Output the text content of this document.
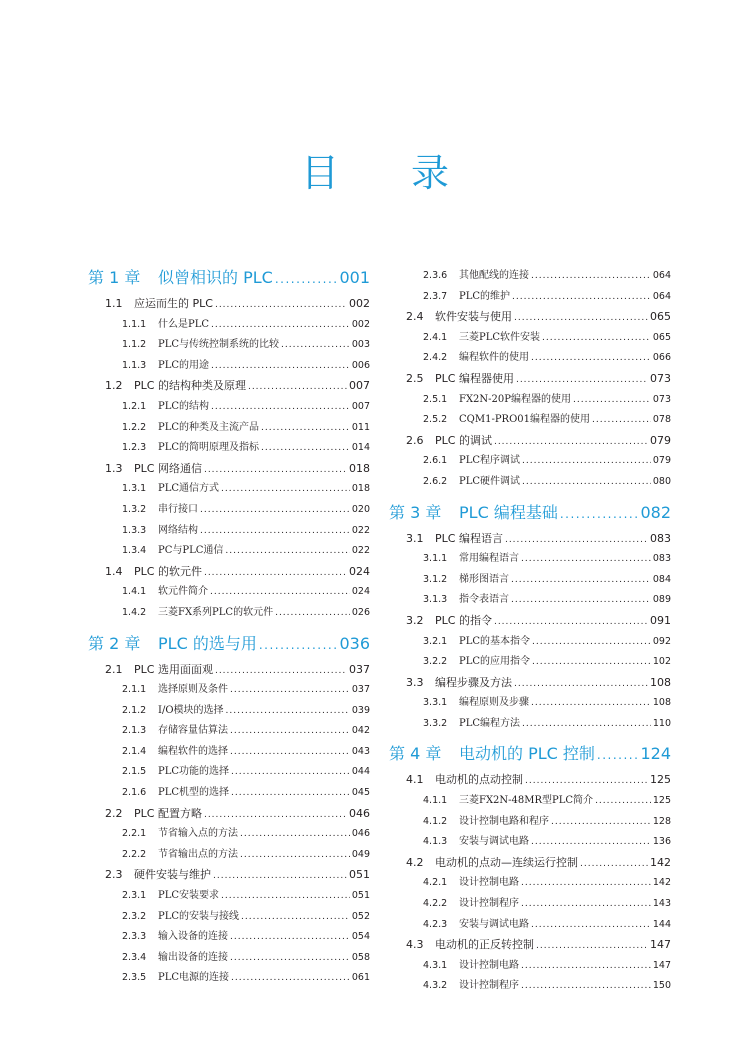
目 录
第 1 章	似曾相识的 PLC .....	001
1.1	应运而生的 PLC .....	002
1.1.1	什么是PLC .....	002
1.1.2	PLC与传统控制系统的比较 .....	003
1.1.3	PLC的用途 .....	006
1.2	PLC 的结构种类及原理 .....	007
1.2.1	PLC的结构 .....	007
1.2.2	PLC的种类及主流产品 .....	011
1.2.3	PLC的简明原理及指标 .....	014
1.3	PLC 网络通信 .....	018
1.3.1	PLC通信方式 .....	018
1.3.2	串行接口 .....	020
1.3.3	网络结构 .....	022
1.3.4	PC与PLC通信 .....	022
1.4	PLC 的软元件 .....	024
1.4.1	软元件简介 .....	024
1.4.2	三菱FX系列PLC的软元件 .....	026
第 2 章	PLC 的选与用 .....	036
2.1	PLC 选用面面观 .....	037
2.1.1	选择原则及条件 .....	037
2.1.2	I/O模块的选择 .....	039
2.1.3	存储容量估算法 .....	042
2.1.4	编程软件的选择 .....	043
2.1.5	PLC功能的选择 .....	044
2.1.6	PLC机型的选择 .....	045
2.2	PLC 配置方略 .....	046
2.2.1	节省输入点的方法 .....	046
2.2.2	节省输出点的方法 .....	049
2.3	硬件安装与维护 .....	051
2.3.1	PLC安装要求 .....	051
2.3.2	PLC的安装与接线 .....	052
2.3.3	输入设备的连接 .....	054
2.3.4	输出设备的连接 .....	058
2.3.5	PLC电源的连接 .....	061
2.3.6	其他配线的连接 .....	064
2.3.7	PLC的维护 .....	064
2.4	软件安装与使用 .....	065
2.4.1	三菱PLC软件安装 .....	065
2.4.2	编程软件的使用 .....	066
2.5	PLC 编程器使用 .....	073
2.5.1	FX2N-20P编程器的使用 .....	073
2.5.2	CQM1-PRO01编程器的使用 .....	078
2.6	PLC 的调试 .....	079
2.6.1	PLC程序调试 .....	079
2.6.2	PLC硬件调试 .....	080
第 3 章	PLC 编程基础 .....	082
3.1	PLC 编程语言 .....	083
3.1.1	常用编程语言 .....	083
3.1.2	梯形图语言 .....	084
3.1.3	指令表语言 .....	089
3.2	PLC 的指令 .....	091
3.2.1	PLC的基本指令 .....	092
3.2.2	PLC的应用指令 .....	102
3.3	编程步骤及方法 .....	108
3.3.1	编程原则及步骤 .....	108
3.3.2	PLC编程方法 .....	110
第 4 章	电动机的 PLC 控制 .....	124
4.1	电动机的点动控制 .....	125
4.1.1	三菱FX2N-48MR型PLC简介 .....	125
4.1.2	设计控制电路和程序 .....	128
4.1.3	安装与调试电路 .....	136
4.2	电动机的点动—连续运行控制 .....	142
4.2.1	设计控制电路 .....	142
4.2.2	设计控制程序 .....	143
4.2.3	安装与调试电路 .....	144
4.3	电动机的正反转控制 .....	147
4.3.1	设计控制电路 .....	147
4.3.2	设计控制程序 .....	150
